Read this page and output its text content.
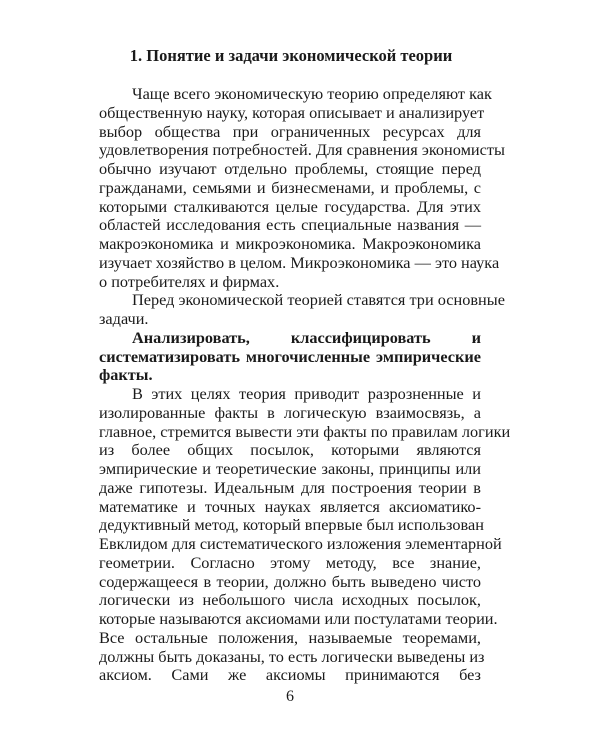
1. Понятие и задачи экономической теории
Чаще всего экономическую теорию определяют как
общественную науку, которая описывает и анализирует
выбор общества при ограниченных ресурсах для
удовлетворения потребностей. Для сравнения экономисты
обычно изучают отдельно проблемы, стоящие перед
гражданами, семьями и бизнесменами, и проблемы, с
которыми сталкиваются целые государства. Для этих
областей исследования есть специальные названия —
макроэкономика и микроэкономика. Макроэкономика
изучает хозяйство в целом. Микроэкономика — это наука
о потребителях и фирмах.
Перед экономической теорией ставятся три основные
задачи.
Анализировать, классифицировать и
систематизировать многочисленные эмпирические
факты.
В этих целях теория приводит разрозненные и
изолированные факты в логическую взаимосвязь, а
главное, стремится вывести эти факты по правилам логики
из более общих посылок, которыми являются
эмпирические и теоретические законы, принципы или
даже гипотезы. Идеальным для построения теории в
математике и точных науках является аксиоматико-
дедуктивный метод, который впервые был использован
Евклидом для систематического изложения элементарной
геометрии. Согласно этому методу, все знание,
содержащееся в теории, должно быть выведено чисто
логически из небольшого числа исходных посылок,
которые называются аксиомами или постулатами теории.
Все остальные положения, называемые теоремами,
должны быть доказаны, то есть логически выведены из
аксиом. Сами же аксиомы принимаются без
6
